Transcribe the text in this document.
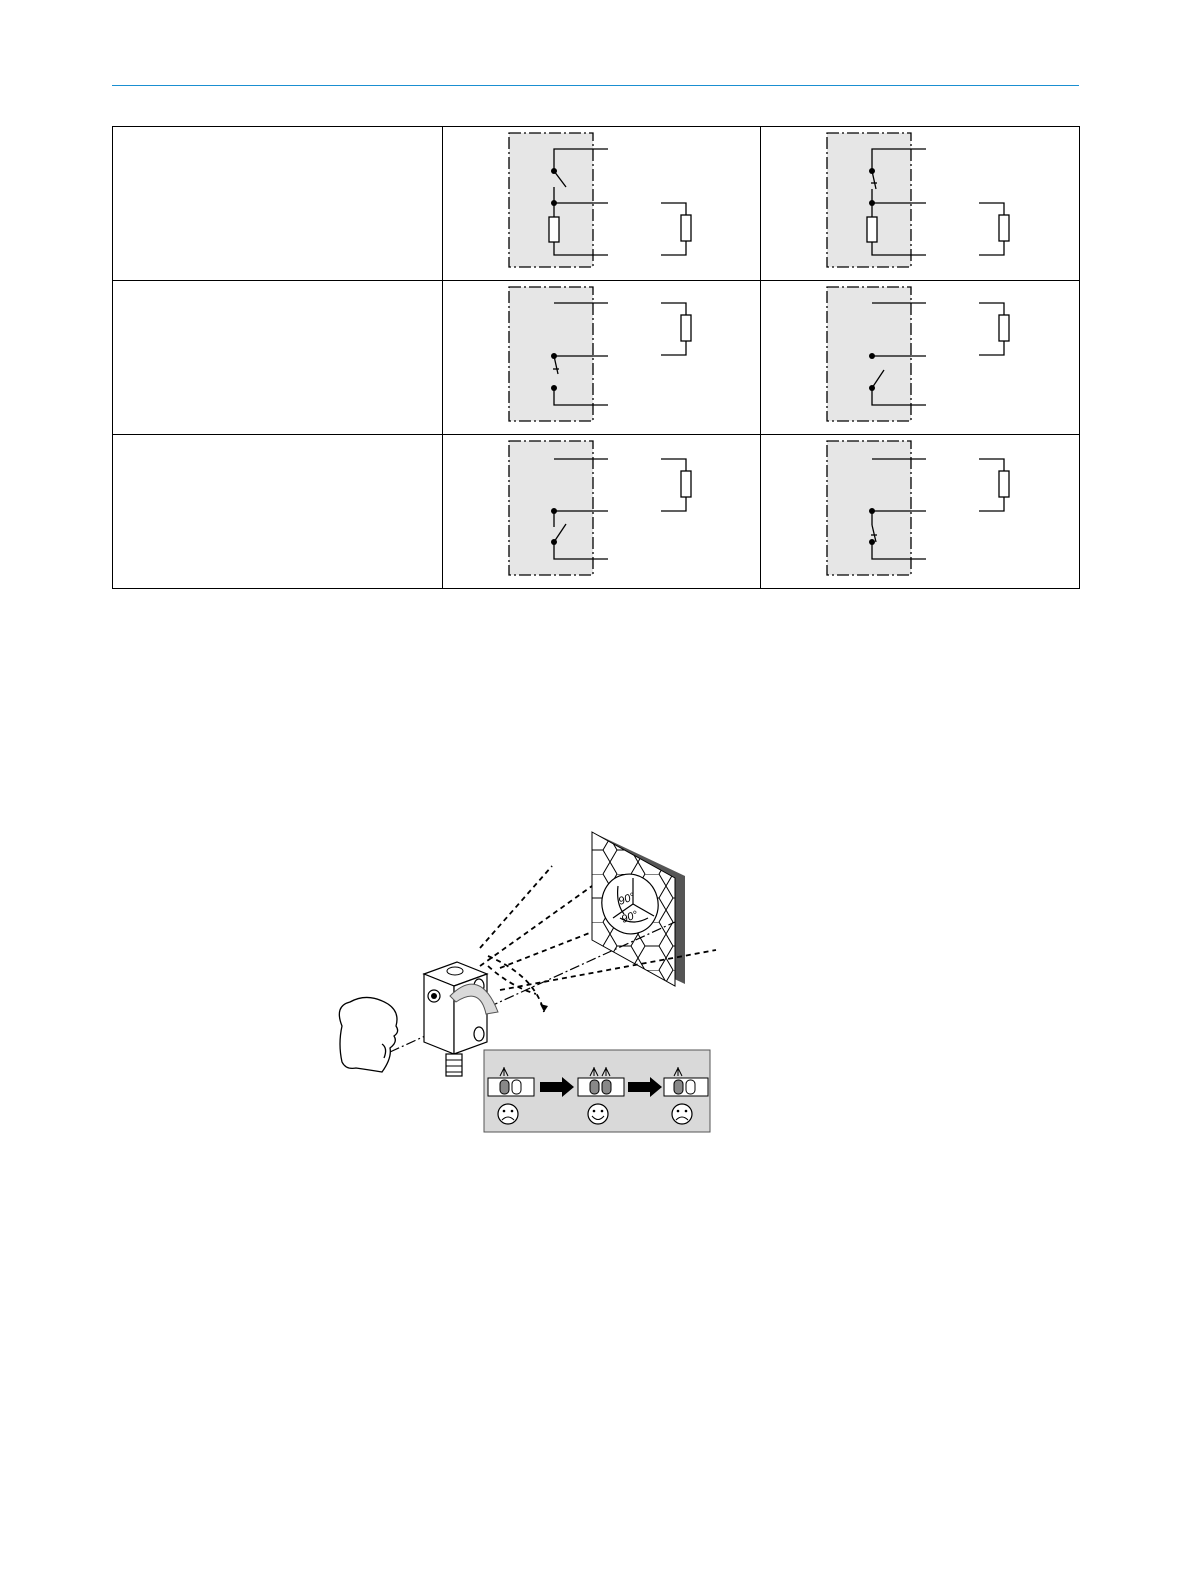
90°
90°
